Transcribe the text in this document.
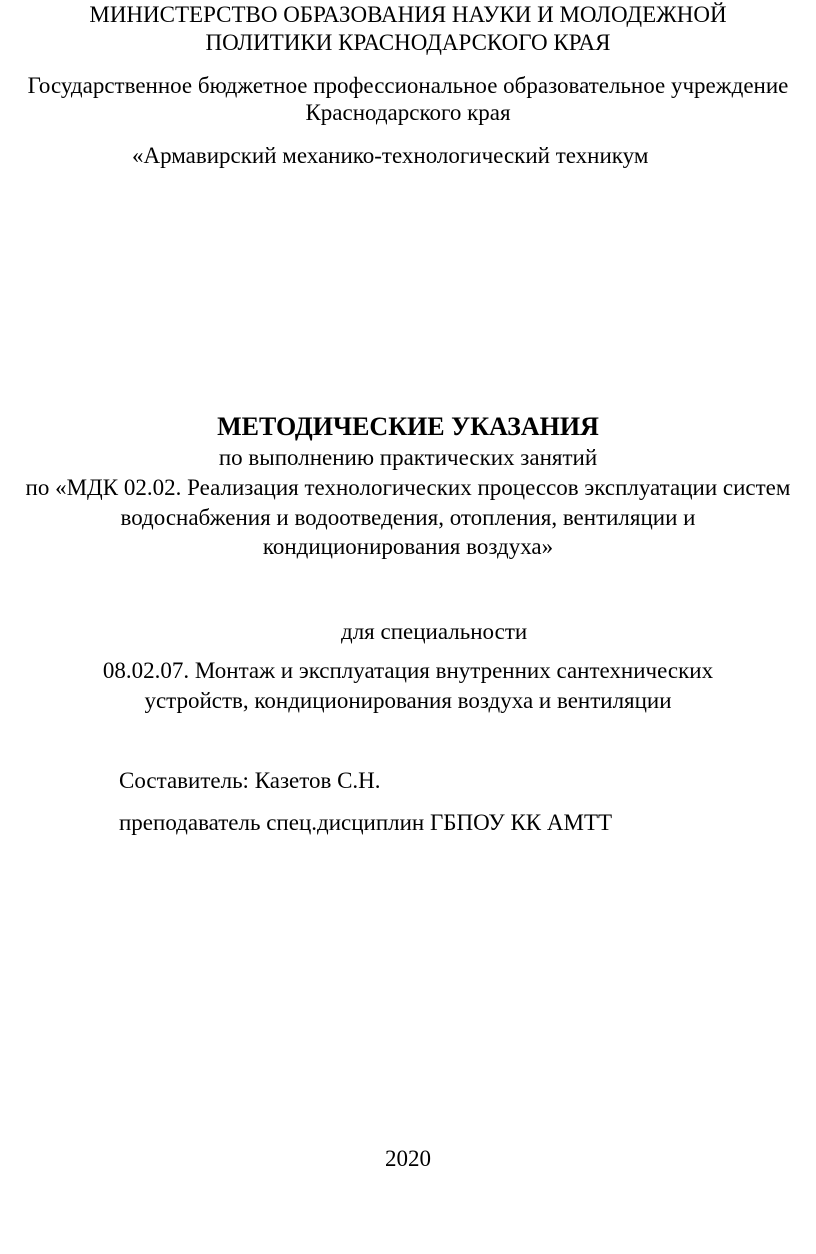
МИНИСТЕРСТВО ОБРАЗОВАНИЯ НАУКИ И МОЛОДЕЖНОЙ
ПОЛИТИКИ КРАСНОДАРСКОГО КРАЯ
Государственное бюджетное профессиональное образовательное учреждение
Краснодарского края
«Армавирский механико-технологический техникум
МЕТОДИЧЕСКИЕ УКАЗАНИЯ
по выполнению практических занятий
по «МДК 02.02. Реализация технологических процессов эксплуатации систем
водоснабжения и водоотведения, отопления, вентиляции и
кондиционирования воздуха»
для специальности
08.02.07. Монтаж и эксплуатация внутренних сантехнических
устройств, кондиционирования воздуха и вентиляции
Составитель: Казетов С.Н.
преподаватель спец.дисциплин ГБПОУ КК АМТТ
2020
